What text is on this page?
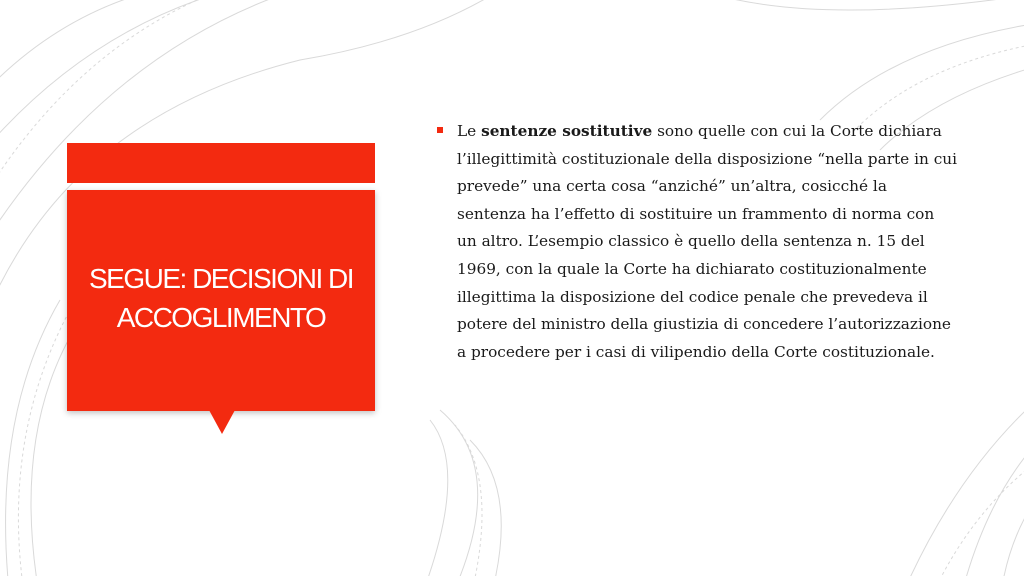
SEGUE: DECISIONI DI ACCOGLIMENTO
Le sentenze sostitutive sono quelle con cui la Corte dichiara l’illegittimità costituzionale della disposizione “nella parte in cui prevede” una certa cosa “anziché” un’altra, cosicché la sentenza ha l’effetto di sostituire un frammento di norma con un altro. L’esempio classico è quello della sentenza n. 15 del 1969, con la quale la Corte ha dichiarato costituzionalmente illegittima la disposizione del codice penale che prevedeva il potere del ministro della giustizia di concedere l’autorizzazione a procedere per i casi di vilipendio della Corte costituzionale.
